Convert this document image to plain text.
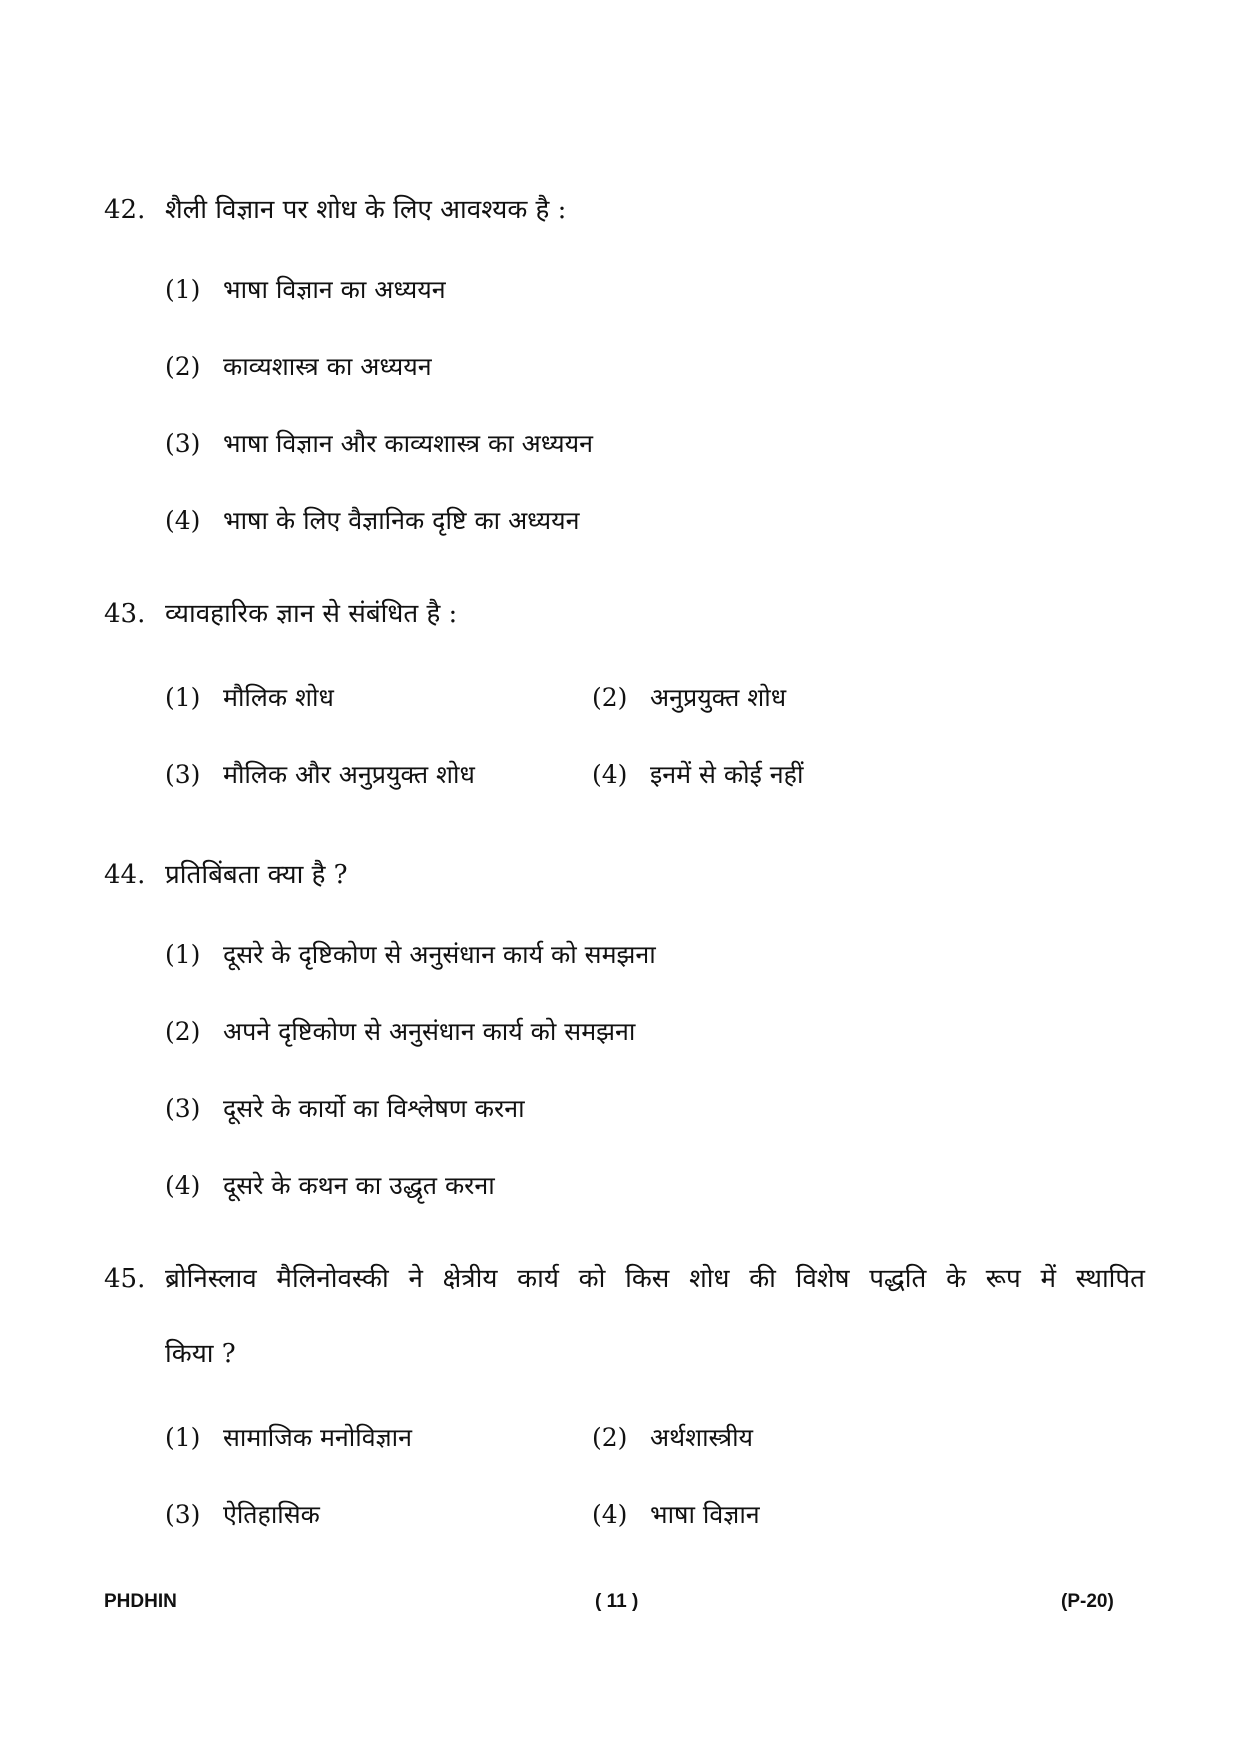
42. शैली विज्ञान पर शोध के लिए आवश्यक है :
(1) भाषा विज्ञान का अध्ययन
(2) काव्यशास्त्र का अध्ययन
(3) भाषा विज्ञान और काव्यशास्त्र का अध्ययन
(4) भाषा के लिए वैज्ञानिक दृष्टि का अध्ययन
43. व्यावहारिक ज्ञान से संबंधित है :
(1) मौलिक शोध	(2) अनुप्रयुक्त शोध
(3) मौलिक और अनुप्रयुक्त शोध	(4) इनमें से कोई नहीं
44. प्रतिबिंबता क्या है ?
(1) दूसरे के दृष्टिकोण से अनुसंधान कार्य को समझना
(2) अपने दृष्टिकोण से अनुसंधान कार्य को समझना
(3) दूसरे के कार्यो का विश्लेषण करना
(4) दूसरे के कथन का उद्धृत करना
45. ब्रोनिस्लाव मैलिनोवस्की ने क्षेत्रीय कार्य को किस शोध की विशेष पद्धति के रूप में स्थापित
किया ?
(1) सामाजिक मनोविज्ञान	(2) अर्थशास्त्रीय
(3) ऐतिहासिक	(4) भाषा विज्ञान
PHDHIN	( 11 )	(P-20)
